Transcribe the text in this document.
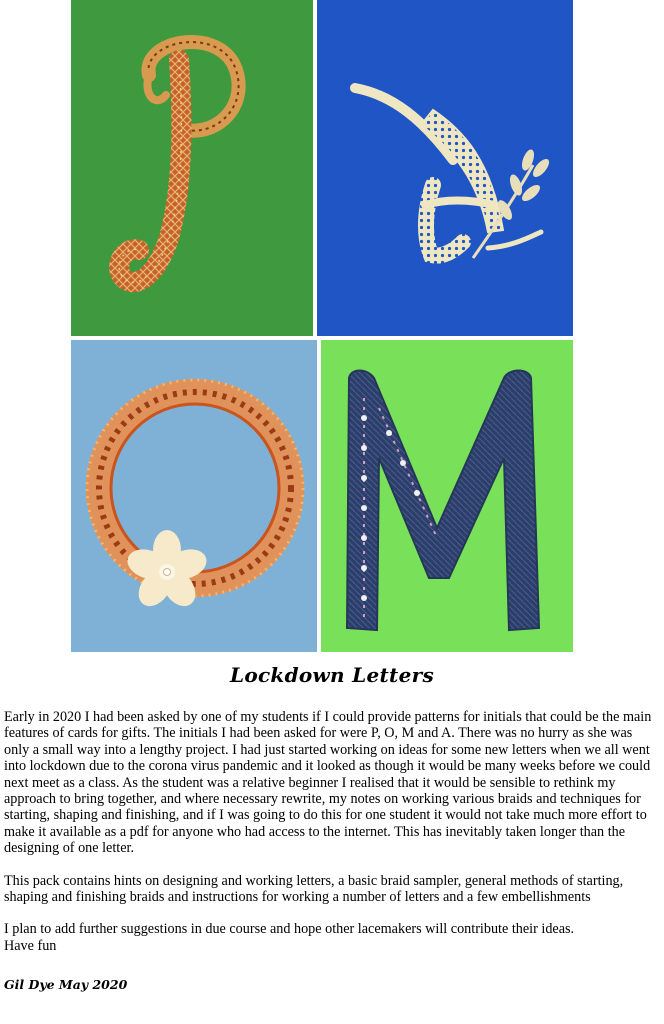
Lockdown Letters

Early in 2020 I had been asked by one of my students if I could provide patterns for initials that could be the main features of cards for gifts. The initials I had been asked for were P, O, M and A. There was no hurry as she was only a small way into a lengthy project. I had just started working on ideas for some new letters when we all went into lockdown due to the corona virus pandemic and it looked as though it would be many weeks before we could next meet as a class. As the student was a relative beginner I realised that it would be sensible to rethink my approach to bring together, and where necessary rewrite, my notes on working various braids and techniques for starting, shaping and finishing, and if I was going to do this for one student it would not take much more effort to make it available as a pdf for anyone who had access to the internet. This has inevitably taken longer than the designing of one letter.

This pack contains hints on designing and working letters, a basic braid sampler, general methods of starting, shaping and finishing braids and instructions for working a number of letters and a few embellishments

I plan to add further suggestions in due course and hope other lacemakers will contribute their ideas.

Have fun

Gil Dye May 2020
